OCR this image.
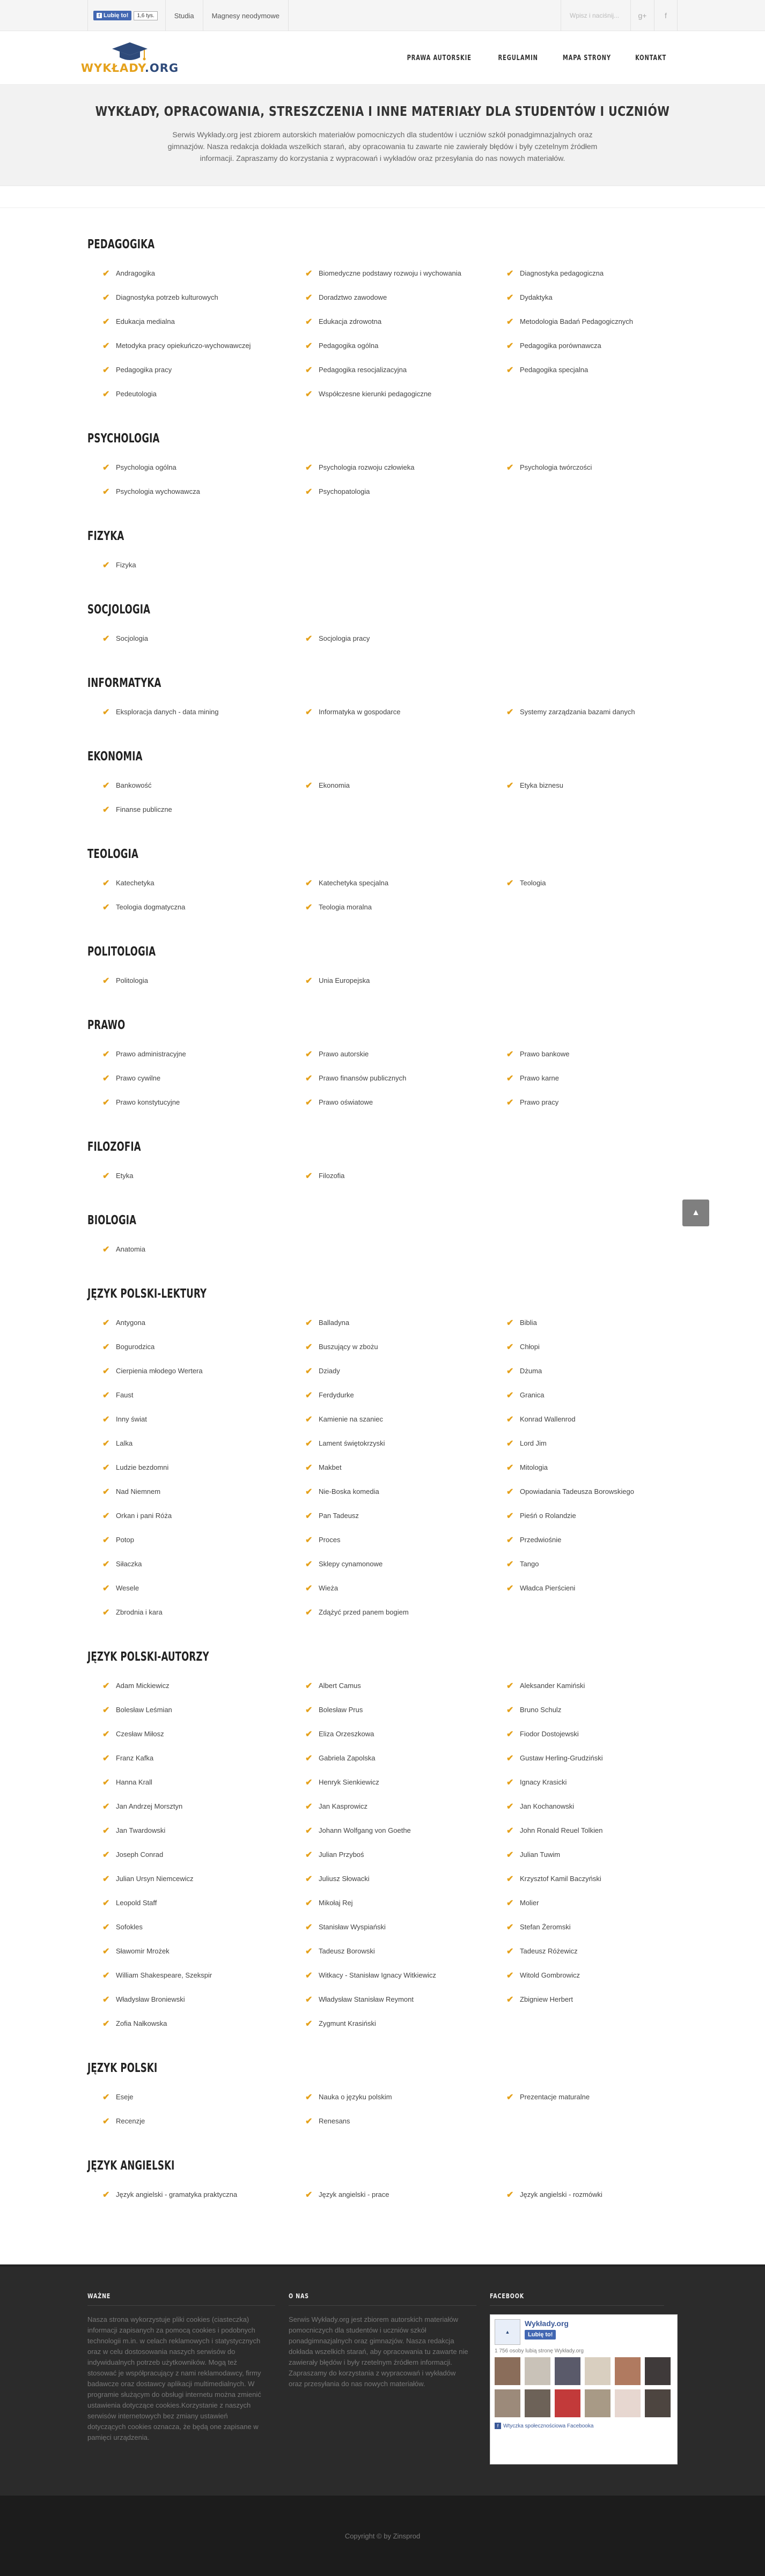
f Lubię to!	1,6 tys.	Studia	Magnesy neodymowe	Wpisz i naciśnij...	g+	f
WYKŁADY.ORG
PRAWA AUTORSKIE	REGULAMIN	MAPA STRONY	KONTAKT
WYKŁADY, OPRACOWANIA, STRESZCZENIA I INNE MATERIAŁY DLA STUDENTÓW I UCZNIÓW

Serwis Wykłady.org jest zbiorem autorskich materiałów pomocniczych dla studentów i uczniów szkół ponadgimnazjalnych oraz gimnazjów. Nasza redakcja dokłada wszelkich starań, aby opracowania tu zawarte nie zawierały błędów i były czetelnym źródłem informacji. Zapraszamy do korzystania z wypracowań i wykładów oraz przesyłania do nas nowych materiałów.

PEDAGOGIKA
✔ Andragogika	✔ Biomedyczne podstawy rozwoju i wychowania	✔ Diagnostyka pedagogiczna
✔ Diagnostyka potrzeb kulturowych	✔ Doradztwo zawodowe	✔ Dydaktyka
✔ Edukacja medialna	✔ Edukacja zdrowotna	✔ Metodologia Badań Pedagogicznych
✔ Metodyka pracy opiekuńczo-wychowawczej	✔ Pedagogika ogólna	✔ Pedagogika porównawcza
✔ Pedagogika pracy	✔ Pedagogika resocjalizacyjna	✔ Pedagogika specjalna
✔ Pedeutologia	✔ Współczesne kierunki pedagogiczne
PSYCHOLOGIA
✔ Psychologia ogólna	✔ Psychologia rozwoju człowieka	✔ Psychologia twórczości
✔ Psychologia wychowawcza	✔ Psychopatologia
FIZYKA
✔ Fizyka
SOCJOLOGIA
✔ Socjologia	✔ Socjologia pracy
INFORMATYKA
✔ Eksploracja danych - data mining	✔ Informatyka w gospodarce	✔ Systemy zarządzania bazami danych
EKONOMIA
✔ Bankowość	✔ Ekonomia	✔ Etyka biznesu
✔ Finanse publiczne
TEOLOGIA
✔ Katechetyka	✔ Katechetyka specjalna	✔ Teologia
✔ Teologia dogmatyczna	✔ Teologia moralna
POLITOLOGIA
✔ Politologia	✔ Unia Europejska
PRAWO
✔ Prawo administracyjne	✔ Prawo autorskie	✔ Prawo bankowe
✔ Prawo cywilne	✔ Prawo finansów publicznych	✔ Prawo karne
✔ Prawo konstytucyjne	✔ Prawo oświatowe	✔ Prawo pracy
FILOZOFIA
✔ Etyka	✔ Filozofia
BIOLOGIA
✔ Anatomia
JĘZYK POLSKI-LEKTURY
✔ Antygona	✔ Balladyna	✔ Biblia
✔ Bogurodzica	✔ Buszujący w zbożu	✔ Chłopi
✔ Cierpienia młodego Wertera	✔ Dziady	✔ Dżuma
✔ Faust	✔ Ferdydurke	✔ Granica
✔ Inny świat	✔ Kamienie na szaniec	✔ Konrad Wallenrod
✔ Lalka	✔ Lament świętokrzyski	✔ Lord Jim
✔ Ludzie bezdomni	✔ Makbet	✔ Mitologia
✔ Nad Niemnem	✔ Nie-Boska komedia	✔ Opowiadania Tadeusza Borowskiego
✔ Orkan i pani Róża	✔ Pan Tadeusz	✔ Pieśń o Rolandzie
✔ Potop	✔ Proces	✔ Przedwiośnie
✔ Siłaczka	✔ Sklepy cynamonowe	✔ Tango
✔ Wesele	✔ Wieża	✔ Władca Pierścieni
✔ Zbrodnia i kara	✔ Zdążyć przed panem bogiem
JĘZYK POLSKI-AUTORZY
✔ Adam Mickiewicz	✔ Albert Camus	✔ Aleksander Kamiński
✔ Bolesław Leśmian	✔ Bolesław Prus	✔ Bruno Schulz
✔ Czesław Miłosz	✔ Eliza Orzeszkowa	✔ Fiodor Dostojewski
✔ Franz Kafka	✔ Gabriela Zapolska	✔ Gustaw Herling-Grudziński
✔ Hanna Krall	✔ Henryk Sienkiewicz	✔ Ignacy Krasicki
✔ Jan Andrzej Morsztyn	✔ Jan Kasprowicz	✔ Jan Kochanowski
✔ Jan Twardowski	✔ Johann Wolfgang von Goethe	✔ John Ronald Reuel Tolkien
✔ Joseph Conrad	✔ Julian Przyboś	✔ Julian Tuwim
✔ Julian Ursyn Niemcewicz	✔ Juliusz Słowacki	✔ Krzysztof Kamil Baczyński
✔ Leopold Staff	✔ Mikołaj Rej	✔ Molier
✔ Sofokles	✔ Stanisław Wyspiański	✔ Stefan Żeromski
✔ Sławomir Mrożek	✔ Tadeusz Borowski	✔ Tadeusz Różewicz
✔ William Shakespeare, Szekspir	✔ Witkacy - Stanisław Ignacy Witkiewicz	✔ Witold Gombrowicz
✔ Władysław Broniewski	✔ Władysław Stanisław Reymont	✔ Zbigniew Herbert
✔ Zofia Nałkowska	✔ Zygmunt Krasiński
JĘZYK POLSKI
✔ Eseje	✔ Nauka o języku polskim	✔ Prezentacje maturalne
✔ Recenzje	✔ Renesans
JĘZYK ANGIELSKI
✔ Język angielski - gramatyka praktyczna	✔ Język angielski - prace	✔ Język angielski - rozmówki
▲
WAŻNE

Nasza strona wykorzystuje pliki cookies (ciasteczka) informacji zapisanych za pomocą cookies i podobnych technologii m.in. w celach reklamowych i statystycznych oraz w celu dostosowania naszych serwisów do indywidualnych potrzeb użytkowników. Mogą też stosować je współpracujący z nami reklamodawcy, firmy badawcze oraz dostawcy aplikacji multimedialnych. W programie służącym do obsługi internetu można zmienić ustawienia dotyczące cookies.Korzystanie z naszych serwisów internetowych bez zmiany ustawień dotyczących cookies oznacza, że będą one zapisane w pamięci urządzenia.

O NAS

Serwis Wykłady.org jest zbiorem autorskich materiałów pomocniczych dla studentów i uczniów szkół ponadgimnazjalnych oraz gimnazjów. Nasza redakcja dokłada wszelkich starań, aby opracowania tu zawarte nie zawierały błędów i były rzetelnym źródłem informacji. Zapraszamy do korzystania z wypracowań i wykładów oraz przesyłania do nas nowych materiałów.

FACEBOOK
▲
Wykłady.org
Lubię to!
1 756 osoby lubią stronę Wykłady.org
f Wtyczka społecznościowa Facebooka
Copyright © by Zinsprod
